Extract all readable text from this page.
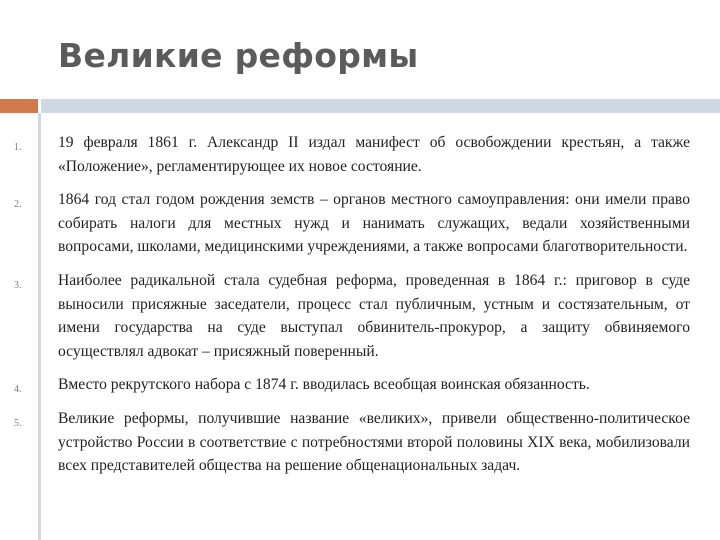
Великие реформы
1. 19 февраля 1861 г. Александр II издал манифест об освобождении крестьян, а также «Положение», регламентирующее их новое состояние.

2. 1864 год стал годом рождения земств – органов местного самоуправления: они имели право собирать налоги для местных нужд и нанимать служащих, ведали хозяйственными вопросами, школами, медицинскими учреждениями, а также вопросами благотворительности.

3. Наиболее радикальной стала судебная реформа, проведенная в 1864 г.: приговор в суде выносили присяжные заседатели, процесс стал публичным, устным и состязательным, от имени государства на суде выступал обвинитель-прокурор, а защиту обвиняемого осуществлял адвокат – присяжный поверенный.

4. Вместо рекрутского набора с 1874 г. вводилась всеобщая воинская обязанность.

5. Великие реформы, получившие название «великих», привели общественно-политическое устройство России в соответствие с потребностями второй половины XIX века, мобилизовали всех представителей общества на решение общенациональных задач.
